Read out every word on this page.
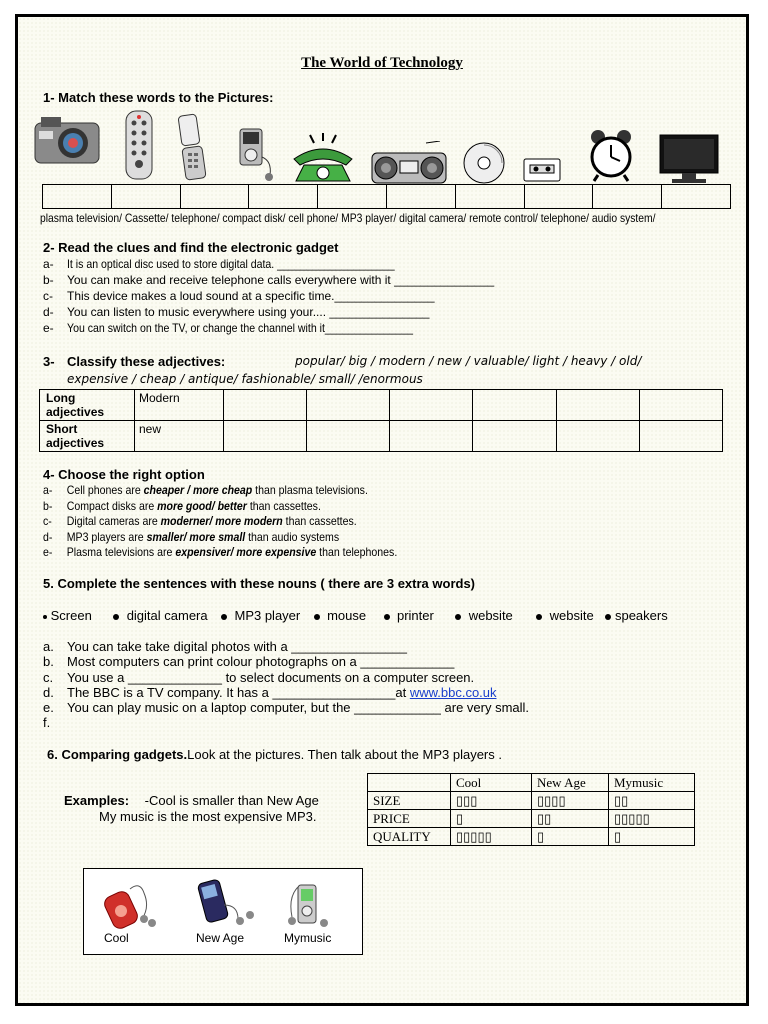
The World of Technology
1- Match these words to the Pictures:

plasma television/ Cassette/ telephone/ compact disk/ cell phone/ MP3 player/ digital camera/ remote control/ telephone/ audio system/
2- Read the clues and find the electronic gadget
a- It is an optical disc used to store digital data. ____________________
b- You can make and receive telephone calls everywhere with it _______________
c- This device makes a loud sound at a specific time._______________
d- You can listen to music everywhere using your.... _______________
e- You can switch on the TV, or change the channel with it_______________
3- Classify these adjectives:	popular/ big / modern / new / valuable/ light / heavy / old/
expensive / cheap / antique/ fashionable/ small/ /enormous
Long adjectives	Modern						
Short adjectives	new						
4- Choose the right option
a- Cell phones are cheaper / more cheap than plasma televisions.
b- Compact disks are more good/ better than cassettes.
c- Digital cameras are moderner/ more modern than cassettes.
d- MP3 players are smaller/ more small than audio systems
e- Plasma televisions are expensiver/ more expensive than telephones.
5. Complete the sentences with these nouns ( there are 3 extra words)
Screen	digital camera MP3 player mouse printer	website	website speakers
a. You can take take digital photos with a ________________
b. Most computers can print colour photographs on a _____________
c. You use a _____________ to select documents on a computer screen.
d. The BBC is a TV company. It has a _________________at www.bbc.co.uk
e. You can play music on a laptop computer, but the ____________ are very small.
f.
6. Comparing gadgets.Look at the pictures. Then talk about the MP3 players .
Examples: -Cool is smaller than New Age
My music is the most expensive MP3.
	Cool	New Age	Mymusic
SIZE	▯▯▯	▯▯▯▯	▯▯
PRICE	▯	▯▯	▯▯▯▯▯
QUALITY	▯▯▯▯▯	▯	▯
Cool	New Age	Mymusic
